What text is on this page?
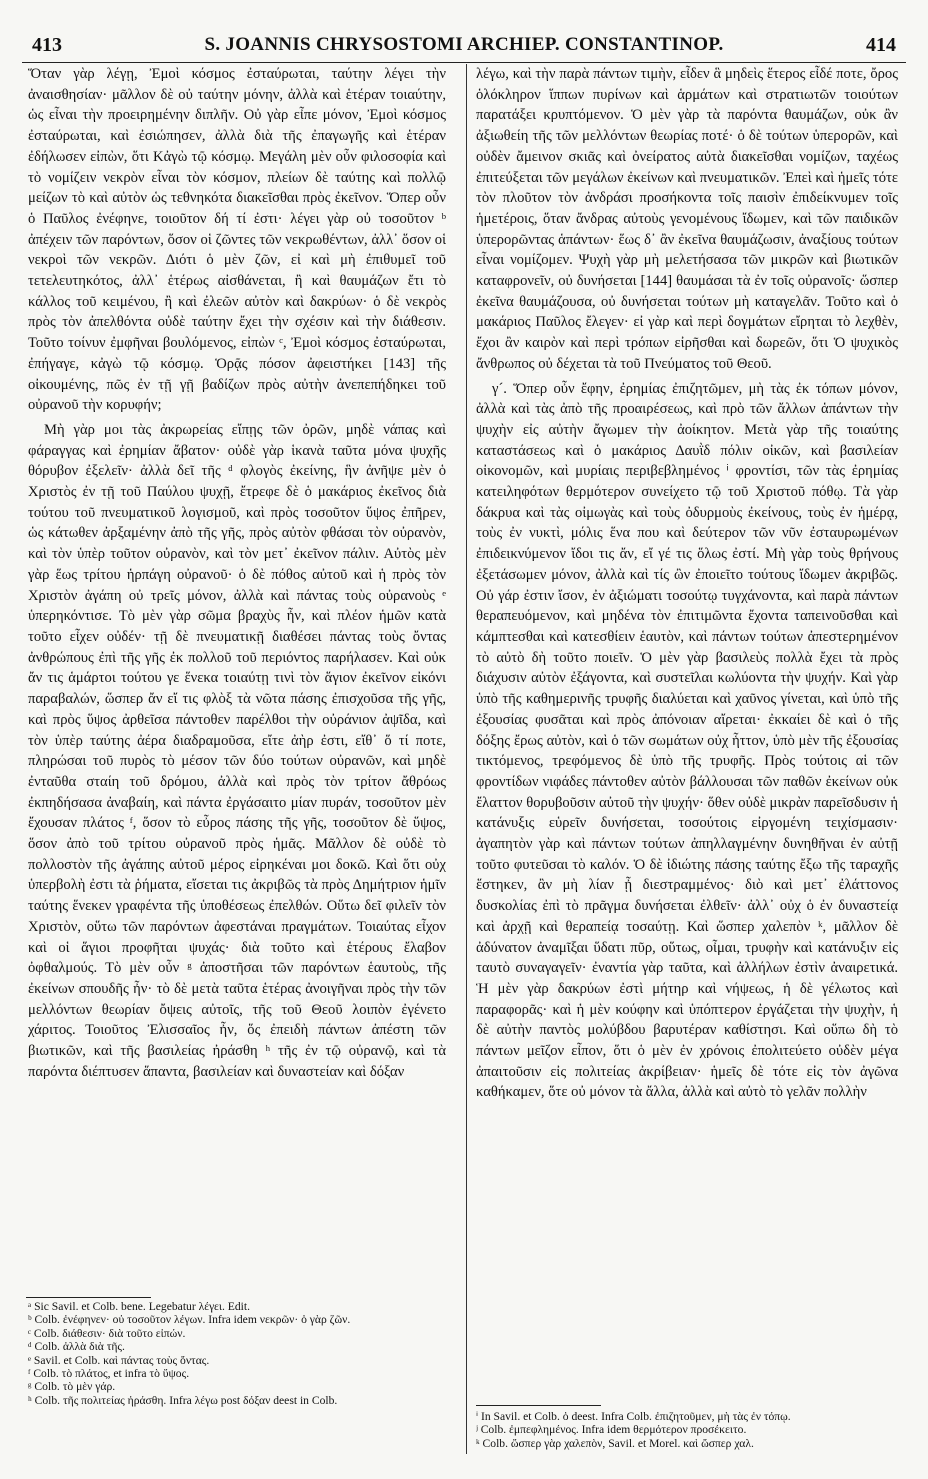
413	S. JOANNIS CHRYSOSTOMI ARCHIEP. CONSTANTINOP.	414

Ὅταν γὰρ λέγῃ, Ἐμοὶ κόσμος ἐσταύρωται, ταύτην λέγει τὴν ἀναισθησίαν· μᾶλλον δὲ οὐ ταύτην μόνην, ἀλλὰ καὶ ἑτέραν τοιαύτην, ὡς εἶναι τὴν προειρημένην διπλῆν. Οὐ γὰρ εἶπε μόνον, Ἐμοὶ κόσμος ἐσταύρωται, καὶ ἐσιώπησεν, ἀλλὰ διὰ τῆς ἐπαγωγῆς καὶ ἑτέραν ἐδήλωσεν εἰπὼν, ὅτι Κἀγὼ τῷ κόσμῳ. Μεγάλη μὲν οὖν φιλοσοφία καὶ τὸ νομίζειν νεκρὸν εἶναι τὸν κόσμον, πλείων δὲ ταύτης καὶ πολλῷ μείζων τὸ καὶ αὐτὸν ὡς τεθνηκότα διακεῖσθαι πρὸς ἐκεῖνον. Ὅπερ οὖν ὁ Παῦλος ἐνέφηνε, τοιοῦτον δή τί ἐστι· λέγει γὰρ οὐ τοσοῦτον ᵇ ἀπέχειν τῶν παρόντων, ὅσον οἱ ζῶντες τῶν νεκρωθέντων, ἀλλ᾽ ὅσον οἱ νεκροὶ τῶν νεκρῶν. Διότι ὁ μὲν ζῶν, εἰ καὶ μὴ ἐπιθυμεῖ τοῦ τετελευτηκότος, ἀλλ᾽ ἑτέρως αἰσθάνεται, ἢ καὶ θαυμάζων ἔτι τὸ κάλλος τοῦ κειμένου, ἢ καὶ ἐλεῶν αὐτὸν καὶ δακρύων· ὁ δὲ νεκρὸς πρὸς τὸν ἀπελθόντα οὐδὲ ταύτην ἔχει τὴν σχέσιν καὶ τὴν διάθεσιν. Τοῦτο τοίνυν ἐμφῆναι βουλόμενος, εἰπὼν ᶜ, Ἐμοὶ κόσμος ἐσταύρωται, ἐπήγαγε, κἀγὼ τῷ κόσμῳ. Ὁρᾷς πόσον ἀφειστήκει [143] τῆς οἰκουμένης, πῶς ἐν τῇ γῇ βαδίζων πρὸς αὐτὴν ἀνεπεπήδηκει τοῦ οὐρανοῦ τὴν κορυφήν;

Μὴ γὰρ μοι τὰς ἀκρωρείας εἴπῃς τῶν ὀρῶν, μηδὲ νάπας καὶ φάραγγας καὶ ἐρημίαν ἄβατον· οὐδὲ γὰρ ἱκανὰ ταῦτα μόνα ψυχῆς θόρυβον ἐξελεῖν· ἀλλὰ δεῖ τῆς ᵈ φλογὸς ἐκείνης, ἣν ἀνῆψε μὲν ὁ Χριστὸς ἐν τῇ τοῦ Παύλου ψυχῇ, ἔτρεφε δὲ ὁ μακάριος ἐκεῖνος διὰ τούτου τοῦ πνευματικοῦ λογισμοῦ, καὶ πρὸς τοσοῦτον ὕψος ἐπῆρεν, ὡς κάτωθεν ἀρξαμένην ἀπὸ τῆς γῆς, πρὸς αὐτὸν φθάσαι τὸν οὐρανὸν, καὶ τὸν ὑπὲρ τοῦτον οὐρανὸν, καὶ τὸν μετ᾽ ἐκεῖνον πάλιν. Αὐτὸς μὲν γὰρ ἕως τρίτου ἡρπάγη οὐρανοῦ· ὁ δὲ πόθος αὐτοῦ καὶ ἡ πρὸς τὸν Χριστὸν ἀγάπη οὐ τρεῖς μόνον, ἀλλὰ καὶ πάντας τοὺς οὐρανοὺς ᵉ ὑπερηκόντισε. Τὸ μὲν γὰρ σῶμα βραχὺς ἦν, καὶ πλέον ἡμῶν κατὰ τοῦτο εἶχεν οὐδέν· τῇ δὲ πνευματικῇ διαθέσει πάντας τοὺς ὄντας ἀνθρώπους ἐπὶ τῆς γῆς ἐκ πολλοῦ τοῦ περιόντος παρήλασεν. Καὶ οὐκ ἄν τις ἁμάρτοι τούτου γε ἕνεκα τοιαύτῃ τινὶ τὸν ἅγιον ἐκεῖνον εἰκόνι παραβαλών, ὥσπερ ἄν εἴ τις φλὸξ τὰ νῶτα πάσης ἐπισχοῦσα τῆς γῆς, καὶ πρὸς ὕψος ἀρθεῖσα πάντοθεν παρέλθοι τὴν οὐράνιον ἀψῖδα, καὶ τὸν ὑπὲρ ταύτης ἀέρα διαδραμοῦσα, εἴτε ἀὴρ ἐστι, εἴθ᾽ ὅ τί ποτε, πληρώσαι τοῦ πυρὸς τὸ μέσον τῶν δύο τούτων οὐρανῶν, καὶ μηδὲ ἐνταῦθα σταίη τοῦ δρόμου, ἀλλὰ καὶ πρὸς τὸν τρίτον ἄθρόως ἐκπηδήσασα ἀναβαίη, καὶ πάντα ἐργάσαιτο μίαν πυράν, τοσοῦτον μὲν ἔχουσαν πλάτος ᶠ, ὅσον τὸ εὖρος πάσης τῆς γῆς, τοσοῦτον δὲ ὕψος, ὅσον ἀπὸ τοῦ τρίτου οὐρανοῦ πρὸς ἡμᾶς. Μᾶλλον δὲ οὐδὲ τὸ πολλοστὸν τῆς ἀγάπης αὐτοῦ μέρος εἰρηκέναι μοι δοκῶ. Καὶ ὅτι οὐχ ὑπερβολὴ ἐστι τὰ ῥήματα, εἴσεται τις ἀκριβῶς τὰ πρὸς Δημήτριον ἡμῖν ταύτης ἕνεκεν γραφέντα τῆς ὑποθέσεως ἐπελθών. Οὕτω δεῖ φιλεῖν τὸν Χριστὸν, οὕτω τῶν παρόντων ἀφεστάναι πραγμάτων. Τοιαύτας εἶχον καὶ οἱ ἅγιοι προφῆται ψυχάς· διὰ τοῦτο καὶ ἑτέρους ἔλαβον ὀφθαλμούς. Τὸ μὲν οὖν ᵍ ἀποστῆσαι τῶν παρόντων ἑαυτοὺς, τῆς ἐκείνων σπουδῆς ἦν· τὸ δὲ μετὰ ταῦτα ἑτέρας ἀνοιγῆναι πρὸς τὴν τῶν μελλόντων θεωρίαν ὄψεις αὐτοῖς, τῆς τοῦ Θεοῦ λοιπὸν ἐγένετο χάριτος. Τοιοῦτος Ἐλισσαῖος ἦν, ὅς ἐπειδὴ πάντων ἀπέστη τῶν βιωτικῶν, καὶ τῆς βασιλείας ἠράσθη ʰ τῆς ἐν τῷ οὐρανῷ, καὶ τὰ παρόντα διέπτυσεν ἅπαντα, βασιλείαν καὶ δυναστείαν καὶ δόξαν

λέγω, καὶ τὴν παρὰ πάντων τιμὴν, εἶδεν ἃ μηδεὶς ἕτερος εἶδέ ποτε, ὄρος ὁλόκληρον ἵππων πυρίνων καὶ ἁρμάτων καὶ στρατιωτῶν τοιούτων παρατάξει κρυπτόμενον. Ὁ μὲν γὰρ τὰ παρόντα θαυμάζων, οὐκ ἂν ἀξιωθείη τῆς τῶν μελλόντων θεωρίας ποτέ· ὁ δὲ τούτων ὑπερορῶν, καὶ οὐδὲν ἄμεινον σκιᾶς καὶ ὀνείρατος αὐτὰ διακεῖσθαι νομίζων, ταχέως ἐπιτεύξεται τῶν μεγάλων ἐκείνων καὶ πνευματικῶν. Ἐπεὶ καὶ ἡμεῖς τότε τὸν πλοῦτον τὸν ἀνδράσι προσήκοντα τοῖς παισὶν ἐπιδείκνυμεν τοῖς ἡμετέροις, ὅταν ἄνδρας αὐτοὺς γενομένους ἴδωμεν, καὶ τῶν παιδικῶν ὑπερορῶντας ἁπάντων· ἕως δ᾽ ἂν ἐκεῖνα θαυμάζωσιν, ἀναξίους τούτων εἶναι νομίζομεν. Ψυχὴ γὰρ μὴ μελετήσασα τῶν μικρῶν καὶ βιωτικῶν καταφρονεῖν, οὐ δυνήσεται [144] θαυμάσαι τὰ ἐν τοῖς οὐρανοῖς· ὥσπερ ἐκεῖνα θαυμάζουσα, οὐ δυνήσεται τούτων μὴ καταγελᾶν. Τοῦτο καὶ ὁ μακάριος Παῦλος ἔλεγεν· εἰ γὰρ καὶ περὶ δογμάτων εἴρηται τὸ λεχθὲν, ἔχοι ἂν καιρὸν καὶ περὶ τρόπων εἰρῆσθαι καὶ δωρεῶν, ὅτι Ὁ ψυχικὸς ἄνθρωπος οὐ δέχεται τὰ τοῦ Πνεύματος τοῦ Θεοῦ.

γ´. Ὅπερ οὖν ἔφην, ἐρημίας ἐπιζητῶμεν, μὴ τὰς ἐκ τόπων μόνον, ἀλλὰ καὶ τὰς ἀπὸ τῆς προαιρέσεως, καὶ πρὸ τῶν ἄλλων ἁπάντων τὴν ψυχὴν εἰς αὐτὴν ἄγωμεν τὴν ἀοίκητον. Μετὰ γὰρ τῆς τοιαύτης καταστάσεως καὶ ὁ μακάριος Δαυῒδ πόλιν οἰκῶν, καὶ βασιλείαν οἰκονομῶν, καὶ μυρίαις περιβεβλημένος ⁱ φροντίσι, τῶν τὰς ἐρημίας κατειληφότων θερμότερον συνείχετο τῷ τοῦ Χριστοῦ πόθῳ. Τὰ γὰρ δάκρυα καὶ τὰς οἰμωγὰς καὶ τοὺς ὀδυρμοὺς ἐκείνους, τοὺς ἐν ἡμέρᾳ, τοὺς ἐν νυκτὶ, μόλις ἕνα που καὶ δεύτερον τῶν νῦν ἐσταυρωμένων ἐπιδεικνύμενον ἴδοι τις ἄν, εἴ γέ τις ὅλως ἐστί. Μὴ γὰρ τοὺς θρήνους ἐξετάσωμεν μόνον, ἀλλὰ καὶ τίς ὢν ἐποιεῖτο τούτους ἴδωμεν ἀκριβῶς. Οὐ γάρ ἐστιν ἴσον, ἐν ἀξιώματι τοσούτῳ τυγχάνοντα, καὶ παρὰ πάντων θεραπευόμενον, καὶ μηδένα τὸν ἐπιτιμῶντα ἔχοντα ταπεινοῦσθαι καὶ κάμπτεσθαι καὶ κατεσθίειν ἑαυτὸν, καὶ πάντων τούτων ἀπεστερημένον τὸ αὐτὸ δὴ τοῦτο ποιεῖν. Ὁ μὲν γὰρ βασιλεὺς πολλὰ ἔχει τὰ πρὸς διάχυσιν αὐτὸν ἐξάγοντα, καὶ συστεῖλαι κωλύοντα τὴν ψυχήν. Καὶ γὰρ ὑπὸ τῆς καθημερινῆς τρυφῆς διαλύεται καὶ χαῦνος γίνεται, καὶ ὑπὸ τῆς ἐξουσίας φυσᾶται καὶ πρὸς ἀπόνοιαν αἴρεται· ἐκκαίει δὲ καὶ ὁ τῆς δόξης ἔρως αὐτὸν, καὶ ὁ τῶν σωμάτων οὐχ ἧττον, ὑπὸ μὲν τῆς ἐξουσίας τικτόμενος, τρεφόμενος δὲ ὑπὸ τῆς τρυφῆς. Πρὸς τούτοις αἱ τῶν φροντίδων νιφάδες πάντοθεν αὐτὸν βάλλουσαι τῶν παθῶν ἐκείνων οὐκ ἔλαττον θορυβοῦσιν αὐτοῦ τὴν ψυχήν· ὅθεν οὐδὲ μικρὰν παρεῖσδυσιν ἡ κατάνυξις εὑρεῖν δυνήσεται, τοσούτοις εἰργομένη τειχίσμασιν· ἀγαπητὸν γὰρ καὶ πάντων τούτων ἀπηλλαγμένην δυνηθῆναι ἐν αὐτῇ τοῦτο φυτεῦσαι τὸ καλόν. Ὁ δὲ ἰδιώτης πάσης ταύτης ἔξω τῆς ταραχῆς ἕστηκεν, ἂν μὴ λίαν ᾖ διεστραμμένος· διὸ καὶ μετ᾽ ἐλάττονος δυσκολίας ἐπὶ τὸ πρᾶγμα δυνήσεται ἐλθεῖν· ἀλλ᾽ οὐχ ὁ ἐν δυναστείᾳ καὶ ἀρχῇ καὶ θεραπείᾳ τοσαύτῃ. Καὶ ὥσπερ χαλεπὸν ᵏ, μᾶλλον δὲ ἀδύνατον ἀναμῖξαι ὕδατι πῦρ, οὕτως, οἶμαι, τρυφὴν καὶ κατάνυξιν εἰς ταυτὸ συναγαγεῖν· ἐναντία γὰρ ταῦτα, καὶ ἀλλήλων ἐστὶν ἀναιρετικά. Ἡ μὲν γὰρ δακρύων ἐστὶ μήτηρ καὶ νήψεως, ἡ δὲ γέλωτος καὶ παραφορᾶς· καὶ ἡ μὲν κούφην καὶ ὑπόπτερον ἐργάζεται τὴν ψυχὴν, ἡ δὲ αὐτὴν παντὸς μολύβδου βαρυτέραν καθίστησι. Καὶ οὕπω δὴ τὸ πάντων μεῖζον εἶπον, ὅτι ὁ μὲν ἐν χρόνοις ἐπολιτεύετο οὐδὲν μέγα ἀπαιτοῦσιν εἰς πολιτείας ἀκρίβειαν· ἡμεῖς δὲ τότε εἰς τὸν ἀγῶνα καθήκαμεν, ὅτε οὐ μόνον τὰ ἄλλα, ἀλλὰ καὶ αὐτὸ τὸ γελᾶν πολλὴν

ᵃ Sic Savil. et Colb. bene. Legebatur λέγει. Edit.
ᵇ Colb. ἐνέφηνεν· οὐ τοσοῦτον λέγων. Infra idem νεκρῶν· ὁ γὰρ ζῶν.
ᶜ Colb. διάθεσιν· διὰ τοῦτο εἰπών.
ᵈ Colb. ἀλλὰ διὰ τῆς.
ᵉ Savil. et Colb. καὶ πάντας τοὺς ὄντας.
ᶠ Colb. τὸ πλάτος, et infra τὸ ὕψος.
ᵍ Colb. τὸ μὲν γάρ.
ʰ Colb. τῆς πολιτείας ἠράσθη. Infra λέγω post δόξαν deest in Colb.
ⁱ In Savil. et Colb. ὁ deest. Infra Colb. ἐπιζητοῦμεν, μὴ τὰς ἐν τόπῳ.
ʲ Colb. ἐμπεφλημένος. Infra idem θερμότερον προσέκειτο.
ᵏ Colb. ὥσπερ γὰρ χαλεπὸν, Savil. et Morel. καὶ ὥσπερ χαλ.
